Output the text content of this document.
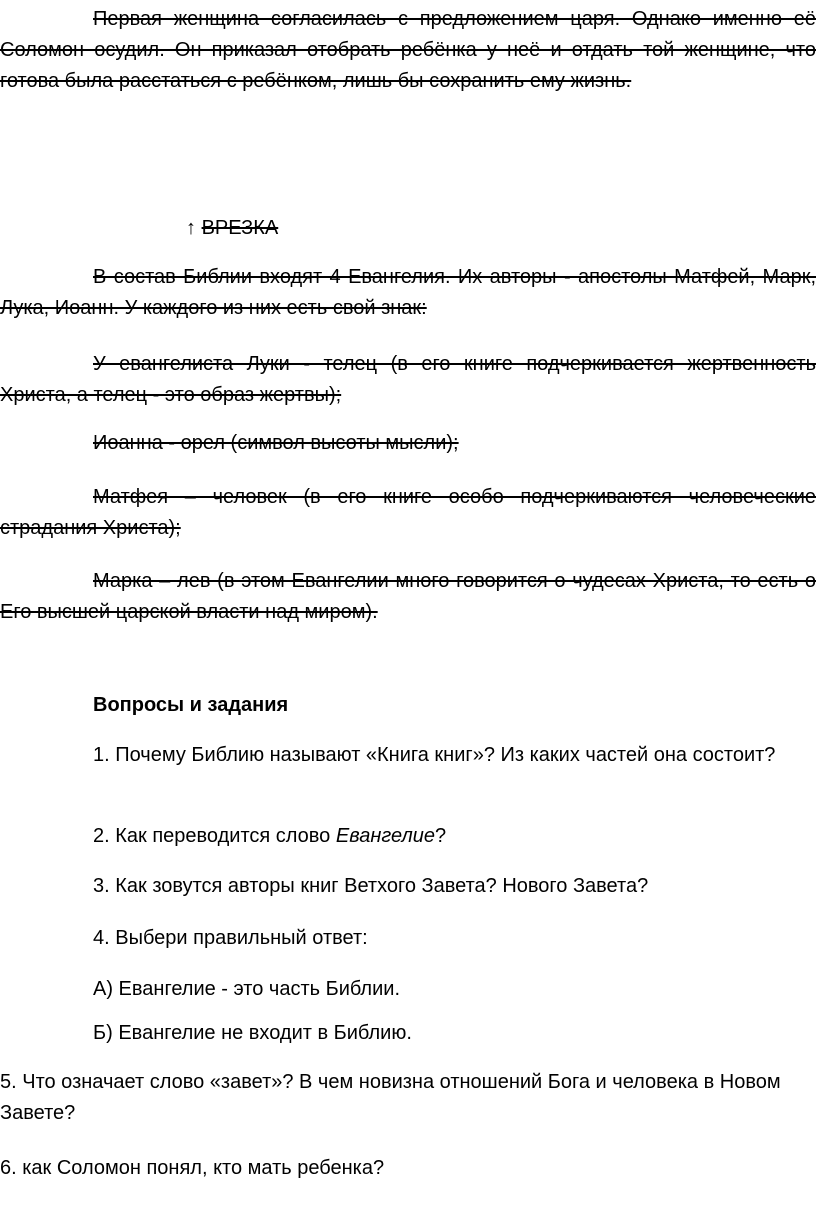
Первая женщина согласилась с предложением царя. Однако именно её Соломон осудил. Он приказал отобрать ребёнка у неё и отдать той женщине, что готова была расстаться с ребёнком, лишь бы сохранить ему жизнь.

↑ ВРЕЗКА

В состав Библии входят 4 Евангелия. Их авторы - апостолы Матфей, Марк, Лука, Иоанн. У каждого из них есть свой знак:

У евангелиста Луки - телец (в его книге подчеркивается жертвенность Христа, а телец - это образ жертвы);

Иоанна - орел (символ высоты мысли);

Матфея – человек (в его книге особо подчеркиваются человеческие страдания Христа);

Марка – лев (в этом Евангелии много говорится о чудесах Христа, то есть о Его высшей царской власти над миром).

Вопросы и задания

1. Почему Библию называют «Книга книг»? Из каких частей она состоит?

2. Как переводится слово Евангелие?

3. Как зовутся авторы книг Ветхого Завета? Нового Завета?

4. Выбери правильный ответ:

А) Евангелие - это часть Библии.

Б) Евангелие не входит в Библию.

5. Что означает слово «завет»? В чем новизна отношений Бога и человека в Новом Завете?

6. как Соломон понял, кто мать ребенка?
